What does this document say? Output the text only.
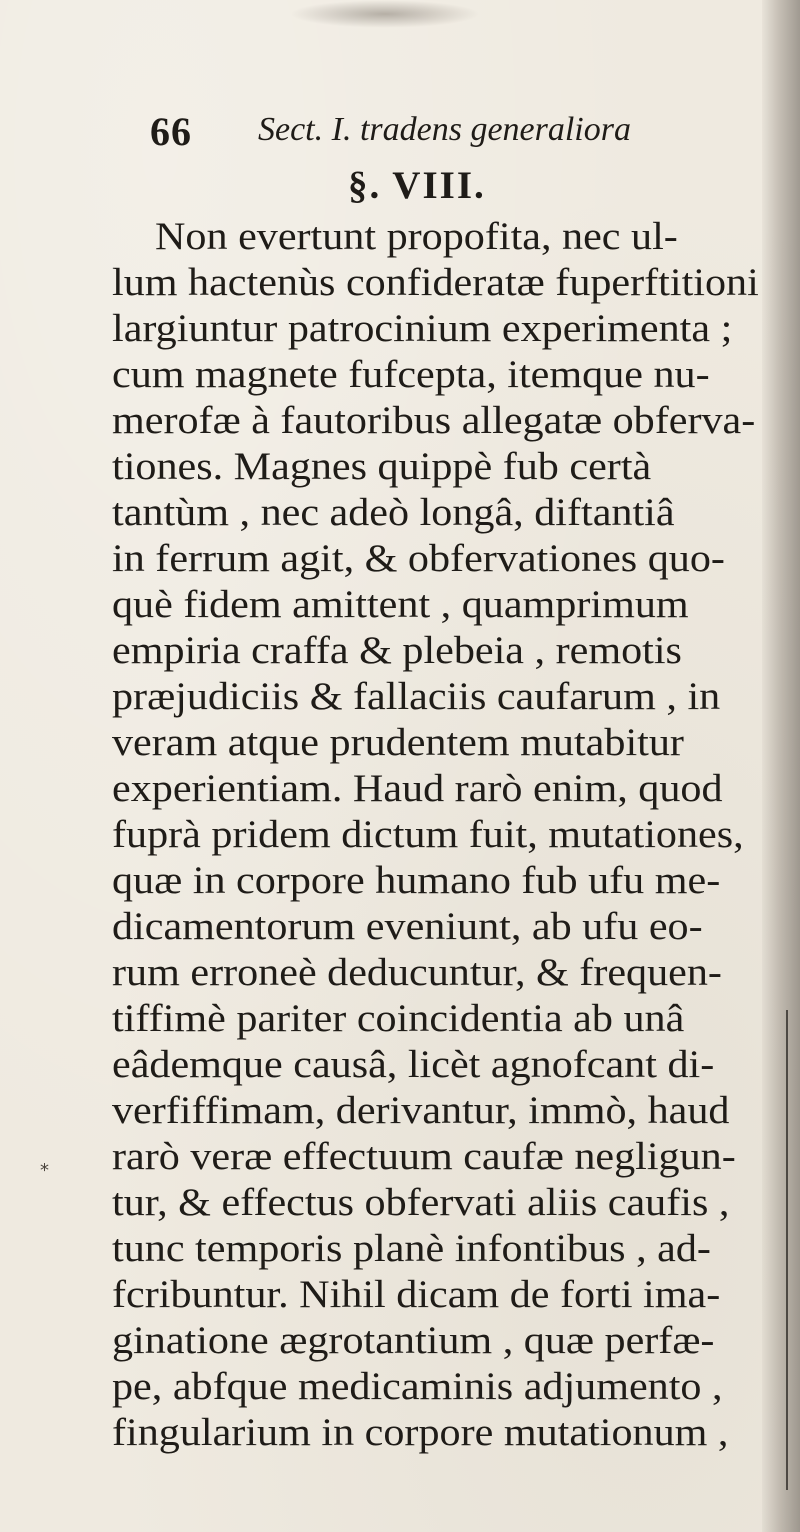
66 Sect. I. tradens generaliora
§. VIII.
Non evertunt propofita, nec ul-
lum hactenùs confideratæ fuperftitioni
largiuntur patrocinium experimenta ;
cum magnete fufcepta, itemque nu-
merofæ à fautoribus allegatæ obferva-
tiones. Magnes quippè fub certà
tantùm , nec adeò longâ, diftantiâ
in ferrum agit, & obfervationes quo-
què fidem amittent , quamprimum
empiria craffa & plebeia , remotis
præjudiciis & fallaciis caufarum , in
veram atque prudentem mutabitur
experientiam. Haud rarò enim, quod
fuprà pridem dictum fuit, mutationes,
quæ in corpore humano fub ufu me-
dicamentorum eveniunt, ab ufu eo-
rum erroneè deducuntur, & frequen-
tiffimè pariter coincidentia ab unâ
eâdemque causâ, licèt agnofcant di-
verfiffimam, derivantur, immò, haud
rarò veræ effectuum caufæ negligun-
tur, & effectus obfervati aliis caufis ,
tunc temporis planè infontibus , ad-
fcribuntur. Nihil dicam de forti ima-
ginatione ægrotantium , quæ perfæ-
pe, abfque medicaminis adjumento ,
fingularium in corpore mutationum ,
*
